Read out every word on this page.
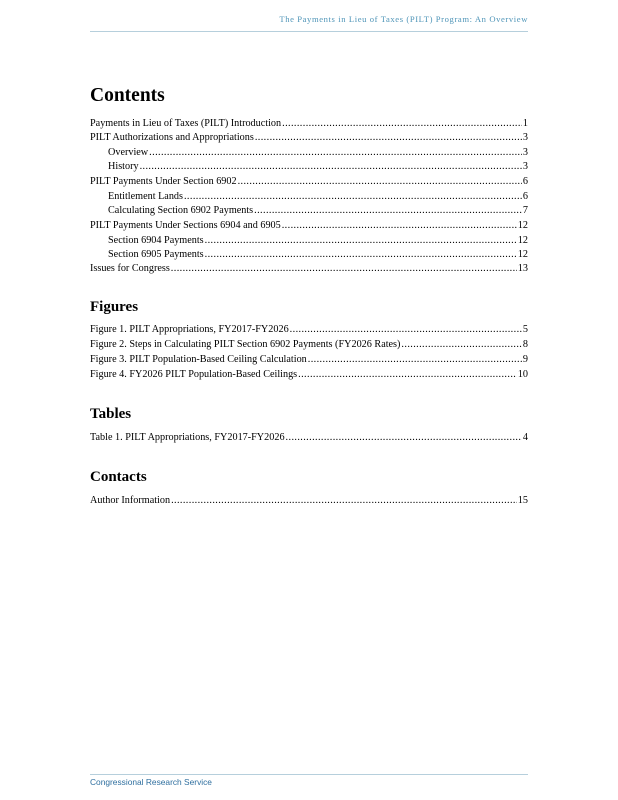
The Payments in Lieu of Taxes (PILT) Program: An Overview
Contents
Payments in Lieu of Taxes (PILT) Introduction .....	1
PILT Authorizations and Appropriations .....	3
Overview .....	3
History .....	3
PILT Payments Under Section 6902 .....	6
Entitlement Lands .....	6
Calculating Section 6902 Payments .....	7
PILT Payments Under Sections 6904 and 6905 .....	12
Section 6904 Payments .....	12
Section 6905 Payments .....	12
Issues for Congress .....	13
Figures
Figure 1. PILT Appropriations, FY2017-FY2026 .....	5
Figure 2. Steps in Calculating PILT Section 6902 Payments (FY2026 Rates) .....	8
Figure 3. PILT Population-Based Ceiling Calculation .....	9
Figure 4. FY2026 PILT Population-Based Ceilings .....	10
Tables
Table 1. PILT Appropriations, FY2017-FY2026 .....	4
Contacts
Author Information .....	15
Congressional Research Service
